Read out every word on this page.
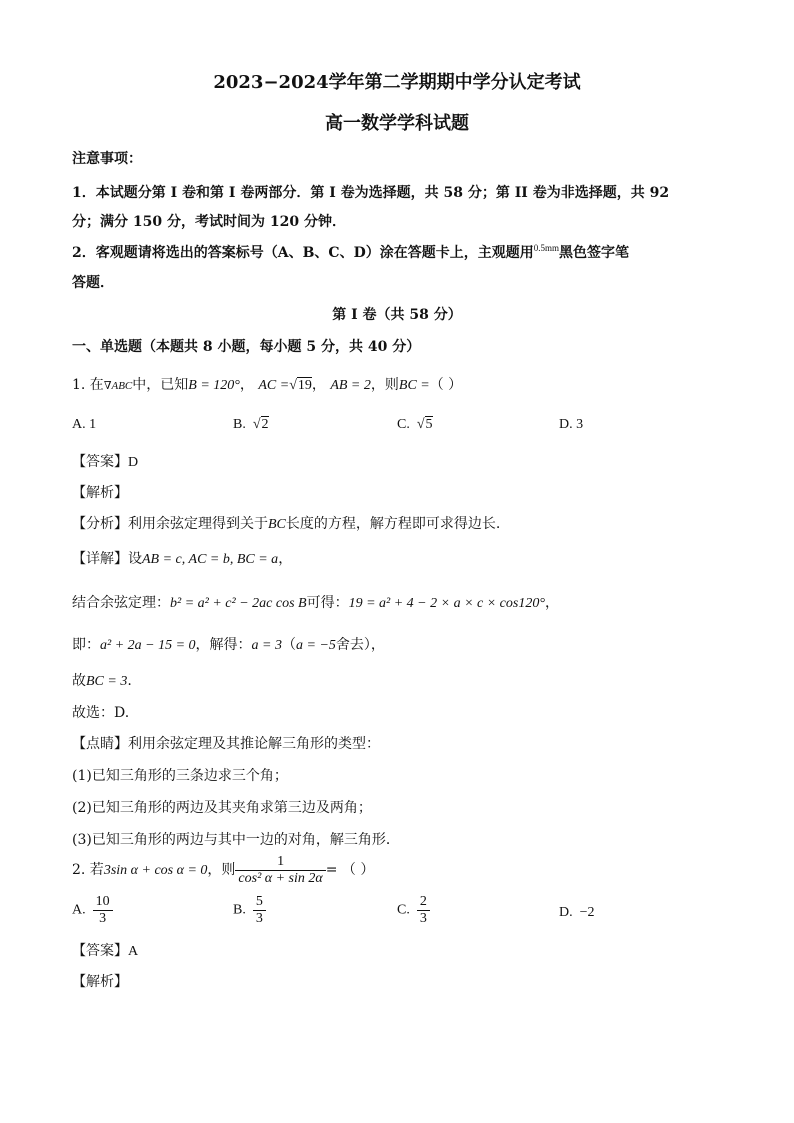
2023−2024学年第二学期期中学分认定考试
高一数学学科试题
注意事项：
1．本试题分第 I 卷和第 I 卷两部分．第 I 卷为选择题，共 58 分；第 II 卷为非选择题，共 92
分；满分 150 分，考试时间为 120 分钟．
2．客观题请将选出的答案标号（A、B、C、D）涂在答题卡上，主观题用$^{0.5mm}$黑色签字笔
答题．
第 I 卷（共 58 分）
一、单选题（本题共 8 小题，每小题 5 分，共 40 分）
1. 在∇ABC中，已知B = 120°， AC =√19， AB = 2，则BC =（ ）
A. 1	B. √2	C. √5	D. 3
【答案】D
【解析】
【分析】利用余弦定理得到关于BC长度的方程，解方程即可求得边长.
【详解】设AB = c, AC = b, BC = a，
结合余弦定理：b² = a² + c² − 2ac cos B可得：19 = a² + 4 − 2 × a × c × cos120°，
即：a² + 2a − 15 = 0，解得：a = 3（a = −5舍去），
故BC = 3.
故选：D.
【点睛】利用余弦定理及其推论解三角形的类型：
(1)已知三角形的三条边求三个角；
(2)已知三角形的两边及其夹角求第三边及两角；
(3)已知三角形的两边与其中一边的对角，解三角形．
2. 若3sin α + cos α = 0，则 $\frac{1}{\text{cos² α + sin 2α}}$ = （ ）
A. $\frac{10}{3}$	B. $\frac{5}{3}$	C. $\frac{2}{3}$	D. −2
【答案】A
【解析】
